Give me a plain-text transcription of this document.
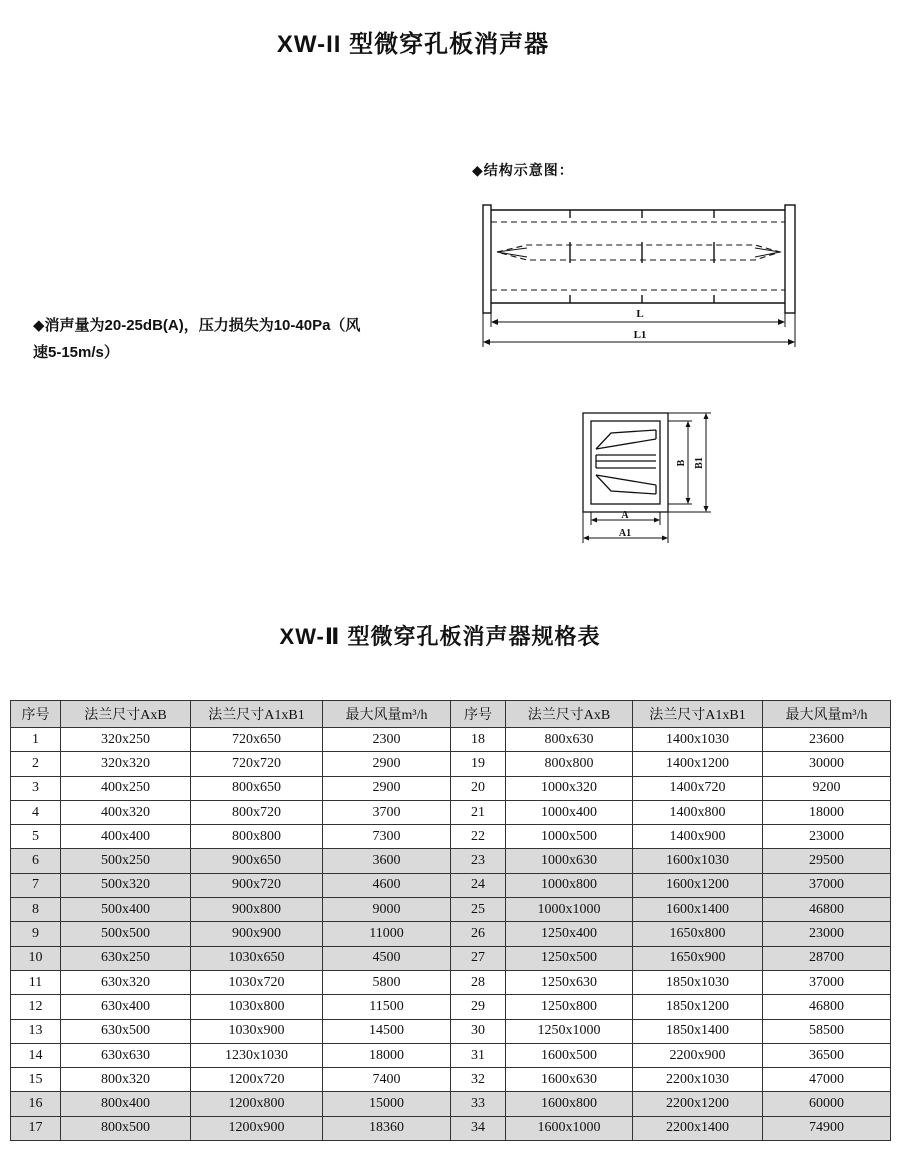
XW-II 型微穿孔板消声器
◆结构示意图：
◆消声量为20-25dB(A)，压力损失为10-40Pa（风
速5-15m/s）
L
L1
A
A1
B B1
XW-Ⅱ 型微穿孔板消声器规格表
序号	法兰尺寸AxB	法兰尺寸A1xB1	最大风量m³/h	序号	法兰尺寸AxB	法兰尺寸A1xB1	最大风量m³/h
1	320x250	720x650	2300	18	800x630	1400x1030	23600
2	320x320	720x720	2900	19	800x800	1400x1200	30000
3	400x250	800x650	2900	20	1000x320	1400x720	9200
4	400x320	800x720	3700	21	1000x400	1400x800	18000
5	400x400	800x800	7300	22	1000x500	1400x900	23000
6	500x250	900x650	3600	23	1000x630	1600x1030	29500
7	500x320	900x720	4600	24	1000x800	1600x1200	37000
8	500x400	900x800	9000	25	1000x1000	1600x1400	46800
9	500x500	900x900	11000	26	1250x400	1650x800	23000
10	630x250	1030x650	4500	27	1250x500	1650x900	28700
11	630x320	1030x720	5800	28	1250x630	1850x1030	37000
12	630x400	1030x800	11500	29	1250x800	1850x1200	46800
13	630x500	1030x900	14500	30	1250x1000	1850x1400	58500
14	630x630	1230x1030	18000	31	1600x500	2200x900	36500
15	800x320	1200x720	7400	32	1600x630	2200x1030	47000
16	800x400	1200x800	15000	33	1600x800	2200x1200	60000
17	800x500	1200x900	18360	34	1600x1000	2200x1400	74900
